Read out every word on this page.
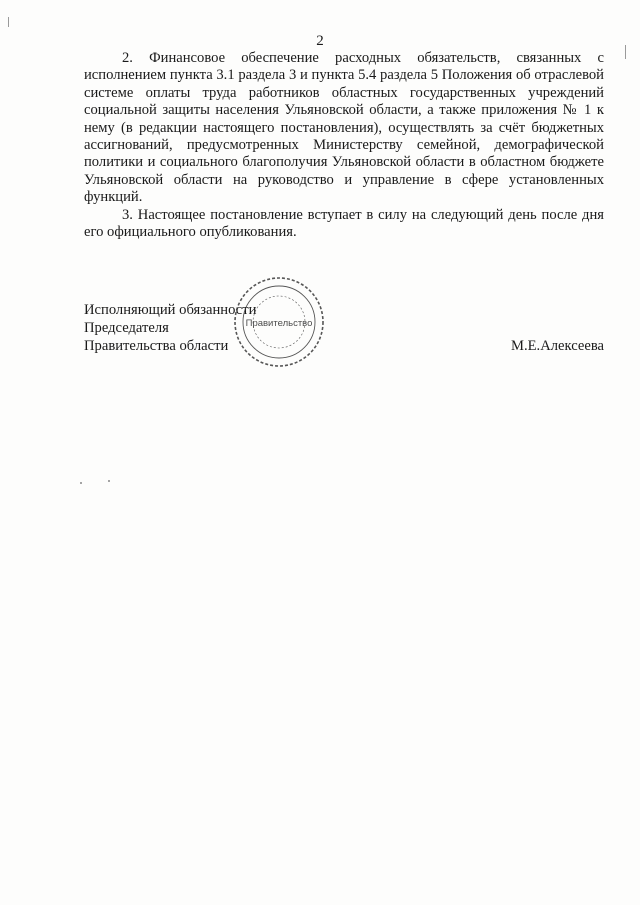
2

2. Финансовое обеспечение расходных обязательств, связанных с исполнением пункта 3.1 раздела 3 и пункта 5.4 раздела 5 Положения об отраслевой системе оплаты труда работников областных государственных учреждений социальной защиты населения Ульяновской области, а также приложения № 1 к нему (в редакции настоящего постановления), осуществлять за счёт бюджетных ассигнований, предусмотренных Министерству семейной, демографической политики и социального благополучия Ульяновской области в областном бюджете Ульяновской области на руководство и управление в сфере установленных функций.

3. Настоящее постановление вступает в силу на следующий день после дня его официального опубликования.

Исполняющий обязанности
Председателя
Правительства области	М.Е.Алексеева
Правительство
